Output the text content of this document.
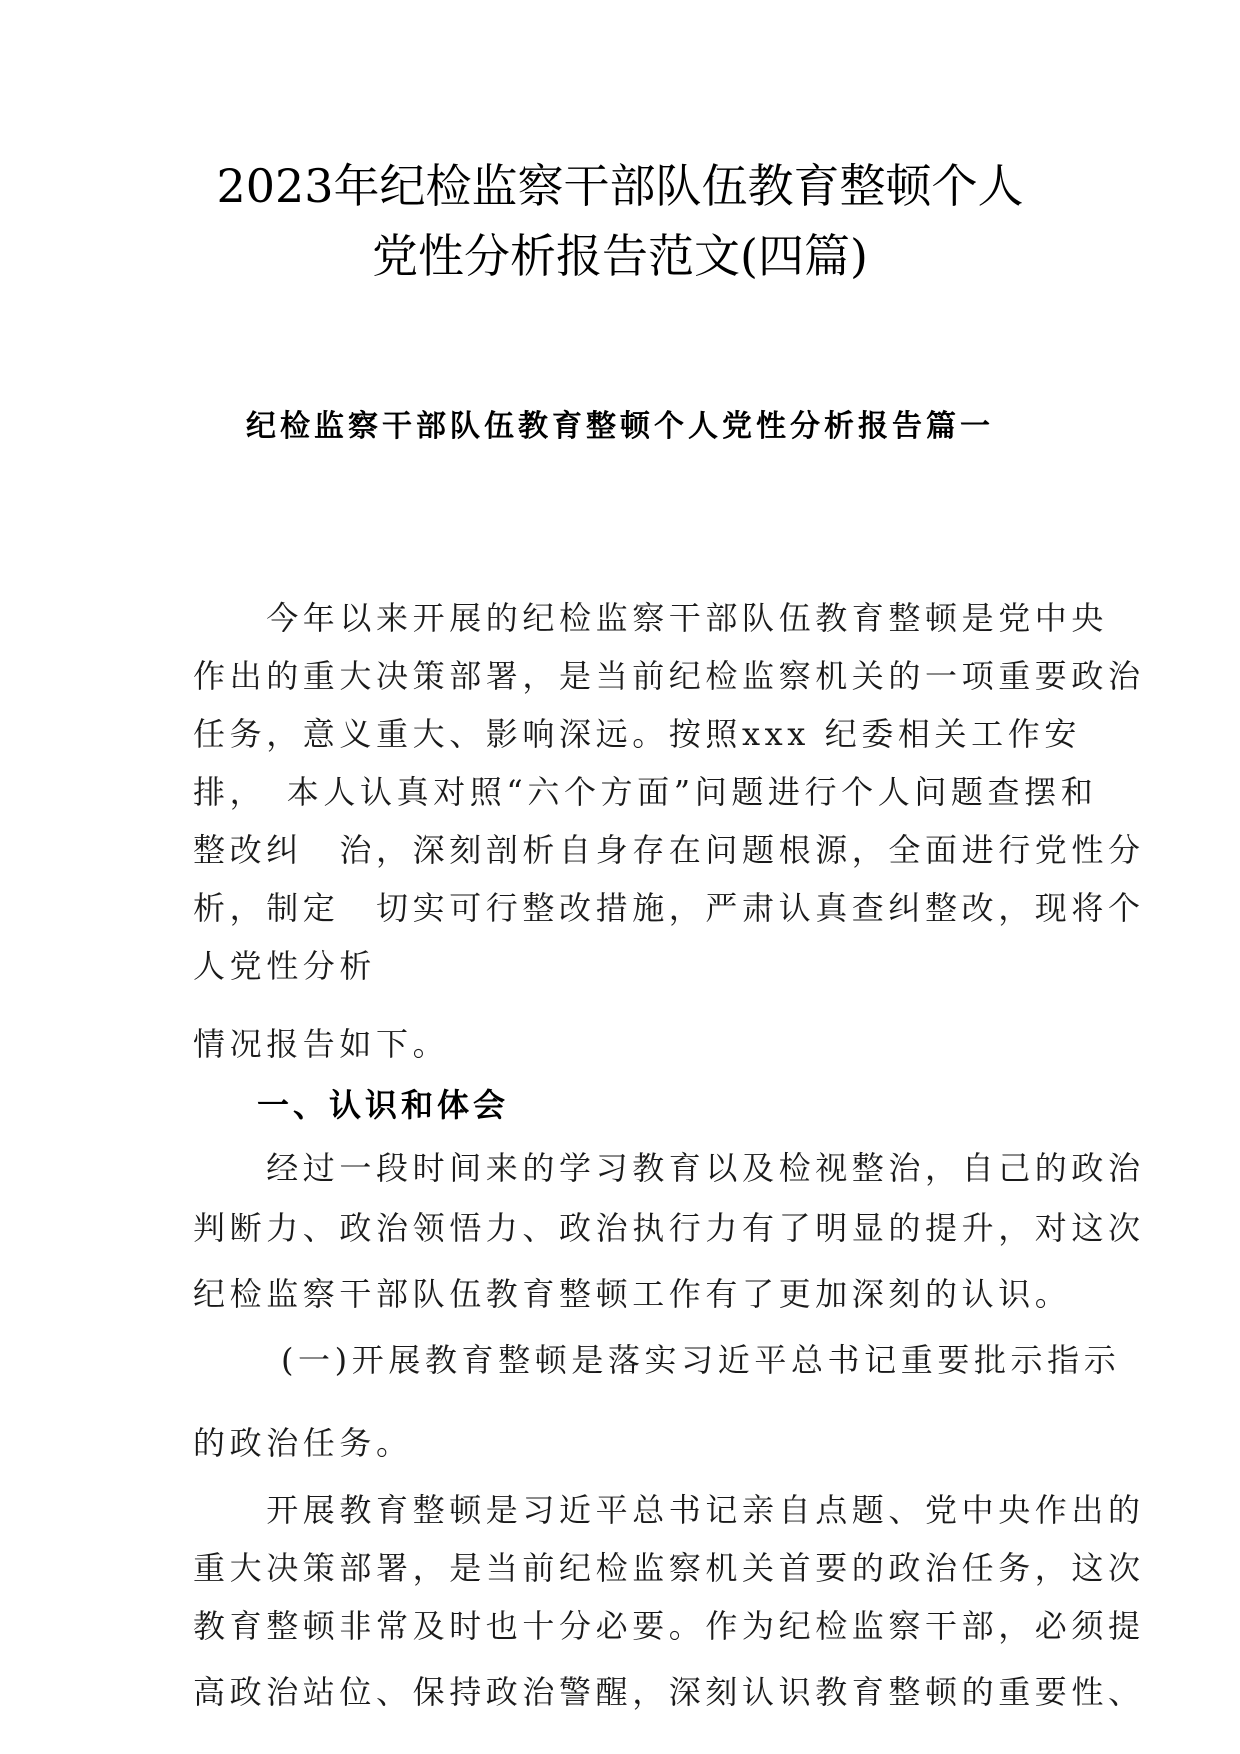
2023年纪检监察干部队伍教育整顿个人
党性分析报告范文(四篇)
纪检监察干部队伍教育整顿个人党性分析报告篇一
　　今年以来开展的纪检监察干部队伍教育整顿是党中央
作出的重大决策部署，是当前纪检监察机关的一项重要政治
任务，意义重大、影响深远。按照xxx 纪委相关工作安
排，　本人认真对照“六个方面”问题进行个人问题查摆和
整改纠　治，深刻剖析自身存在问题根源，全面进行党性分
析，制定　切实可行整改措施，严肃认真查纠整改，现将个
人党性分析
情况报告如下。
一、认识和体会
　　经过一段时间来的学习教育以及检视整治，自己的政治
判断力、政治领悟力、政治执行力有了明显的提升，对这次
纪检监察干部队伍教育整顿工作有了更加深刻的认识。
　　 (一)开展教育整顿是落实习近平总书记重要批示指示
的政治任务。
　　开展教育整顿是习近平总书记亲自点题、党中央作出的
重大决策部署，是当前纪检监察机关首要的政治任务，这次
教育整顿非常及时也十分必要。作为纪检监察干部，必须提
高政治站位、保持政治警醒，深刻认识教育整顿的重要性、
